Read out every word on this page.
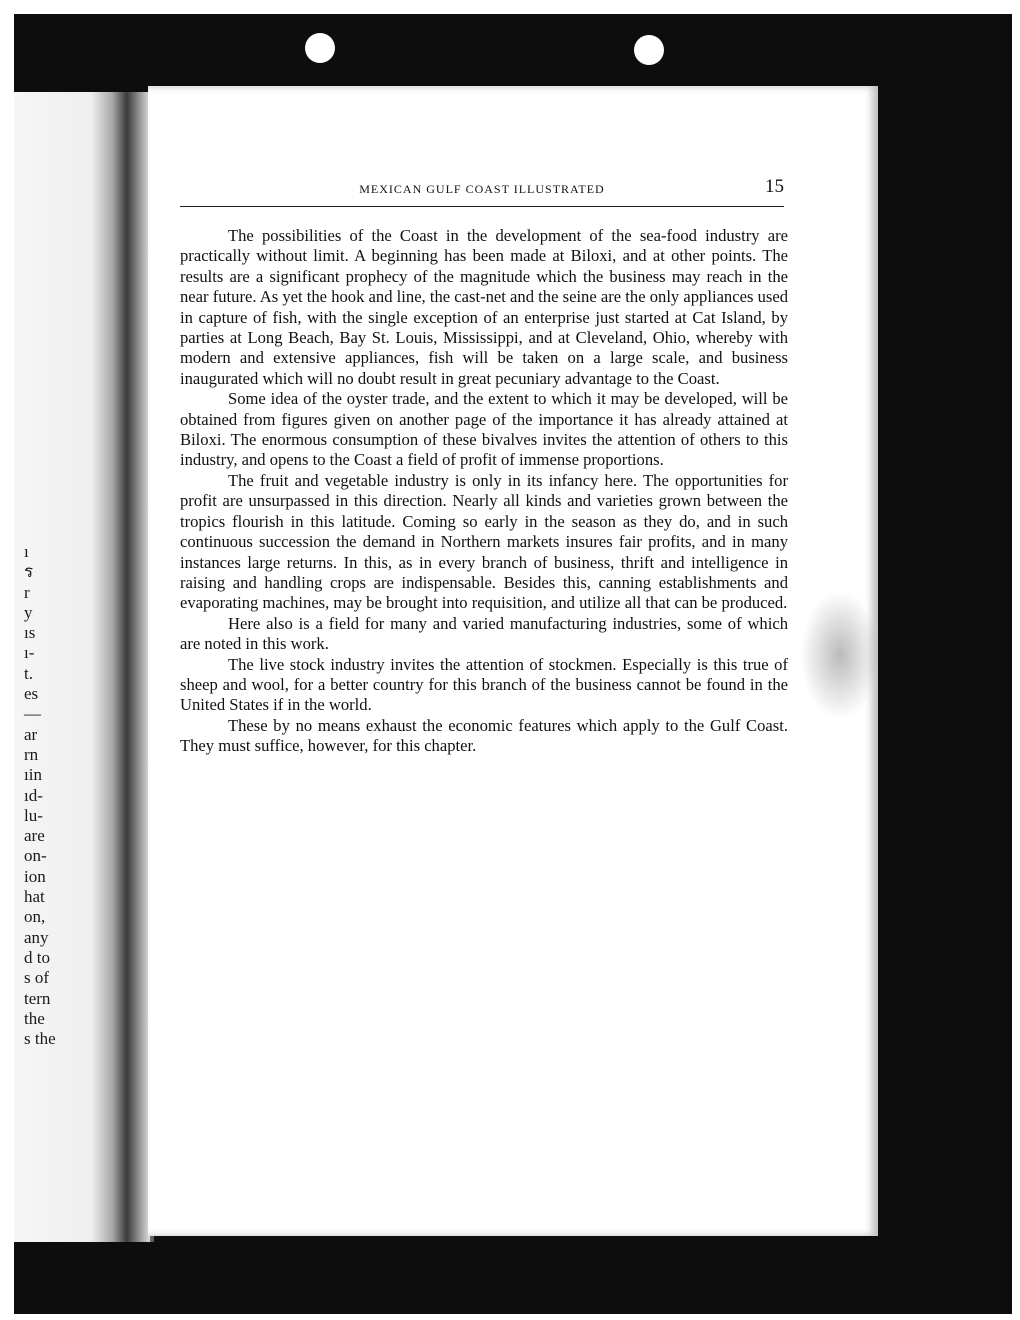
ı
ร
r
y
ıs
ı-
t.
es
—
ar
rn
ıin
ıd-
lu-
are
on-
ion
hat
on,
any
d to
s of
tern
the
s the
MEXICAN GULF COAST ILLUSTRATED	15

The possibilities of the Coast in the development of the sea-food industry are practically without limit. A beginning has been made at Biloxi, and at other points. The results are a significant prophecy of the magnitude which the business may reach in the near future. As yet the hook and line, the cast-net and the seine are the only appliances used in capture of fish, with the single exception of an enterprise just started at Cat Island, by parties at Long Beach, Bay St. Louis, Mississippi, and at Cleveland, Ohio, whereby with modern and extensive appliances, fish will be taken on a large scale, and business inaugurated which will no doubt result in great pecuniary advantage to the Coast.

Some idea of the oyster trade, and the extent to which it may be developed, will be obtained from figures given on another page of the importance it has already attained at Biloxi. The enormous consumption of these bivalves invites the attention of others to this industry, and opens to the Coast a field of profit of immense proportions.

The fruit and vegetable industry is only in its infancy here. The opportunities for profit are unsurpassed in this direction. Nearly all kinds and varieties grown between the tropics flourish in this latitude. Coming so early in the season as they do, and in such continuous succession the demand in Northern markets insures fair profits, and in many instances large returns. In this, as in every branch of business, thrift and intelligence in raising and handling crops are indispensable. Besides this, canning establishments and evaporating machines, may be brought into requisition, and utilize all that can be produced.

Here also is a field for many and varied manufacturing industries, some of which are noted in this work.

The live stock industry invites the attention of stockmen. Especially is this true of sheep and wool, for a better country for this branch of the business cannot be found in the United States if in the world.

These by no means exhaust the economic features which apply to the Gulf Coast. They must suffice, however, for this chapter.
